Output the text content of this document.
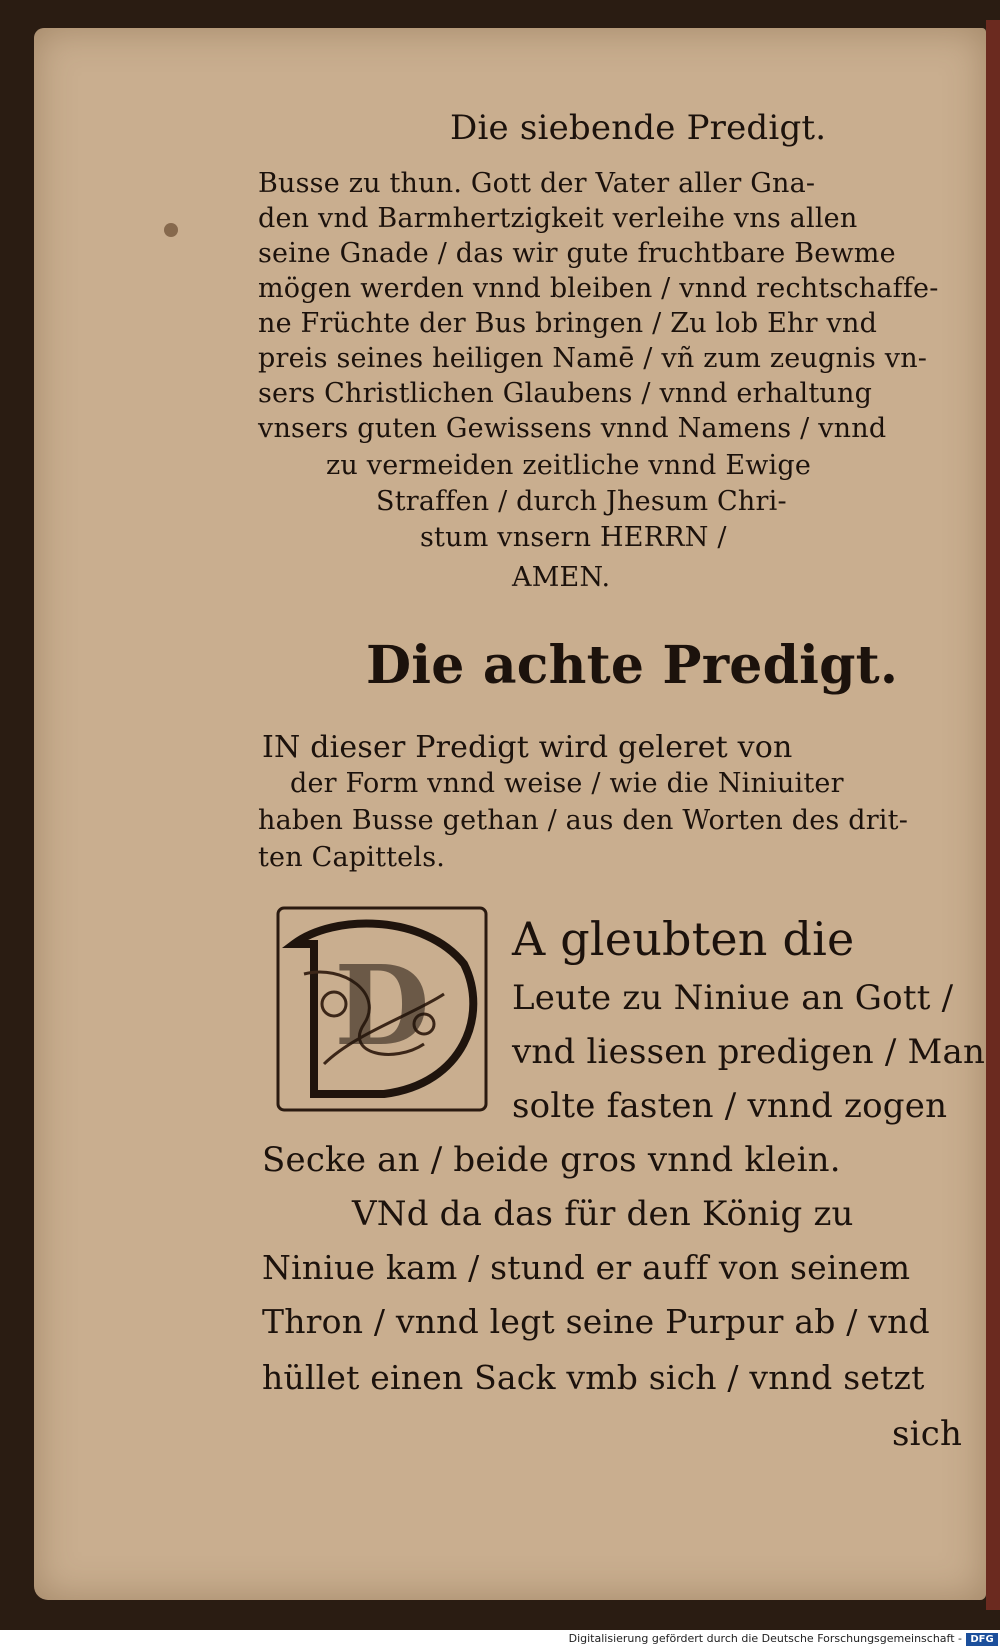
Die siebende Predigt.
Busse zu thun. Gott der Vater aller Gna-
den vnd Barmhertzigkeit verleihe vns allen
seine Gnade / das wir gute fruchtbare Bewme
mögen werden vnnd bleiben / vnnd rechtschaffe-
ne Früchte der Bus bringen / Zu lob Ehr vnd
preis seines heiligen Namē / vñ zum zeugnis vn-
sers Christlichen Glaubens / vnnd erhaltung
vnsers guten Gewissens vnnd Namens / vnnd
zu vermeiden zeitliche vnnd Ewige
Straffen / durch Jhesum Chri-
stum vnsern HERRN /
AMEN.
Die achte Predigt.
IN dieser Predigt wird geleret von
der Form vnnd weise / wie die Niniuiter
haben Busse gethan / aus den Worten des drit-
ten Capittels.
D
A gleubten die
Leute zu Niniue an Gott /
vnd liessen predigen / Man
solte fasten / vnnd zogen
Secke an / beide gros vnnd klein.
VNd da das für den König zu
Niniue kam / stund er auff von seinem
Thron / vnnd legt seine Purpur ab / vnd
hüllet einen Sack vmb sich / vnnd setzt
sich
Digitalisierung gefördert durch die Deutsche Forschungsgemeinschaft - DFG
